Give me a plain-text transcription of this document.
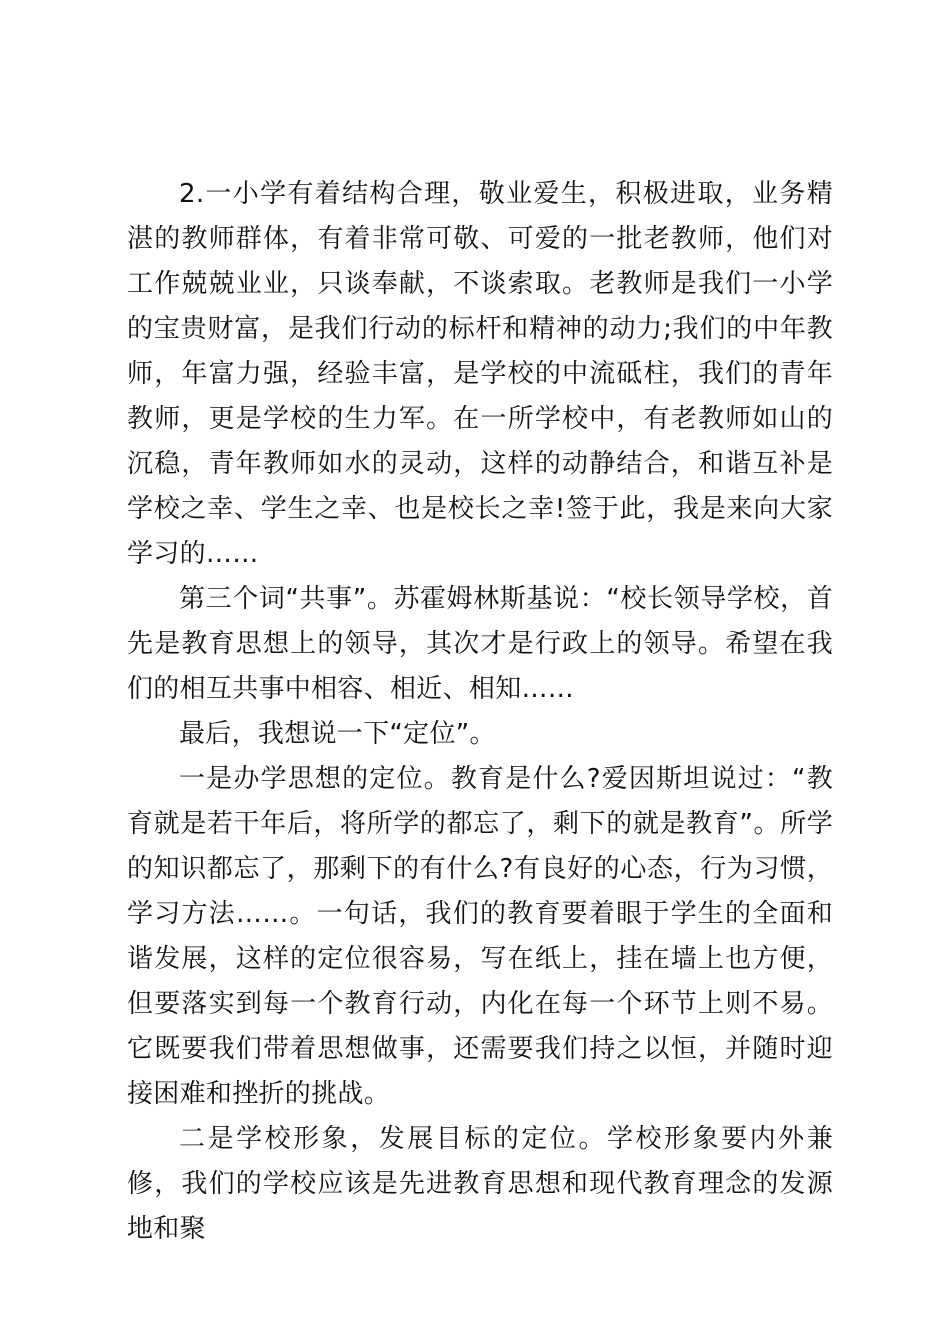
2.一小学有着结构合理，敬业爱生，积极进取，业务精湛的教师群体，有着非常可敬、可爱的一批老教师，他们对工作兢兢业业，只谈奉献，不谈索取。老教师是我们一小学的宝贵财富，是我们行动的标杆和精神的动力;我们的中年教师，年富力强，经验丰富，是学校的中流砥柱，我们的青年教师，更是学校的生力军。在一所学校中，有老教师如山的沉稳，青年教师如水的灵动，这样的动静结合，和谐互补是学校之幸、学生之幸、也是校长之幸!签于此，我是来向大家学习的……

第三个词“共事”。苏霍姆林斯基说：“校长领导学校，首先是教育思想上的领导，其次才是行政上的领导。希望在我们的相互共事中相容、相近、相知……

最后，我想说一下“定位”。

一是办学思想的定位。教育是什么?爱因斯坦说过：“教育就是若干年后，将所学的都忘了，剩下的就是教育”。所学的知识都忘了，那剩下的有什么?有良好的心态，行为习惯，学习方法……。一句话，我们的教育要着眼于学生的全面和谐发展，这样的定位很容易，写在纸上，挂在墙上也方便，但要落实到每一个教育行动，内化在每一个环节上则不易。它既要我们带着思想做事，还需要我们持之以恒，并随时迎接困难和挫折的挑战。

二是学校形象，发展目标的定位。学校形象要内外兼修，我们的学校应该是先进教育思想和现代教育理念的发源地和聚
